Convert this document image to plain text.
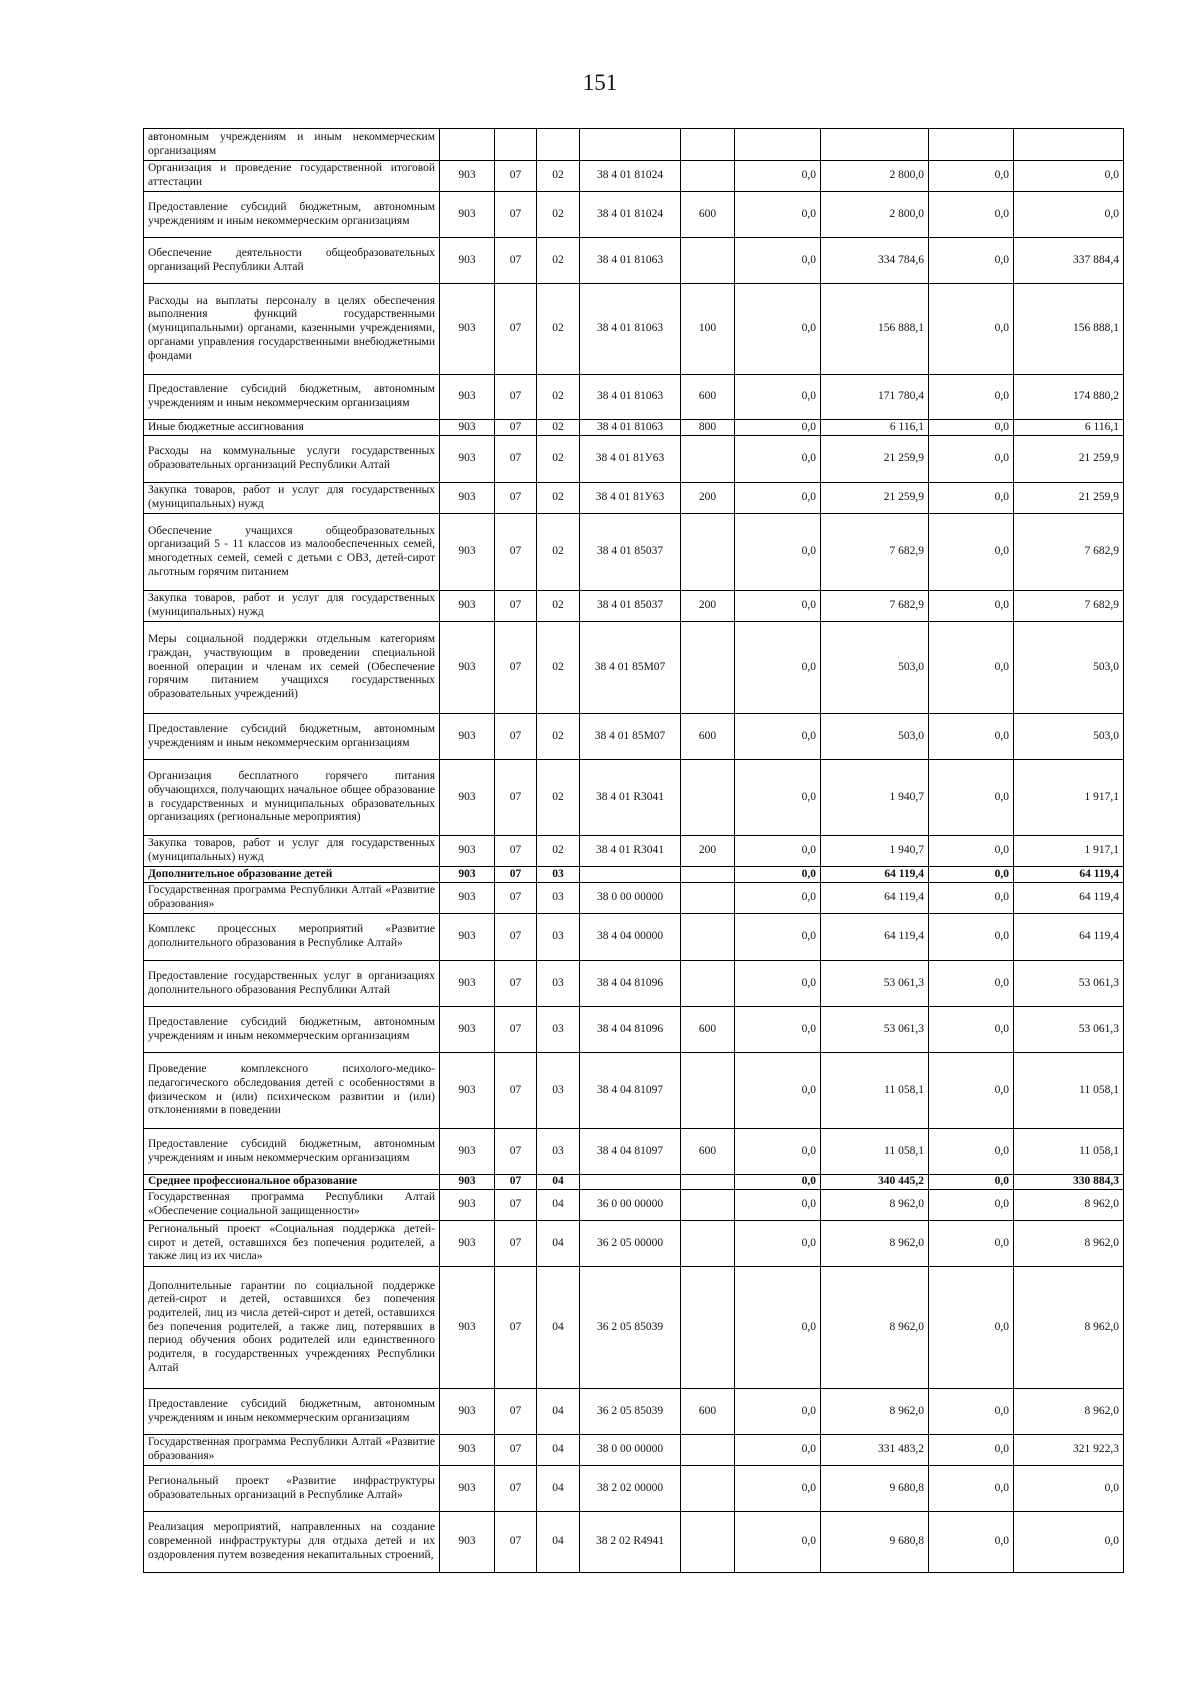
151
автономным учреждениям и иным некоммерческим организациям									
Организация и проведение государственной итоговой аттестации	903	07	02	38 4 01 81024		0,0	2 800,0	0,0	0,0
Предоставление субсидий бюджетным, автономным учреждениям и иным некоммерческим организациям	903	07	02	38 4 01 81024	600	0,0	2 800,0	0,0	0,0
Обеспечение деятельности общеобразовательных организаций Республики Алтай	903	07	02	38 4 01 81063		0,0	334 784,6	0,0	337 884,4
Расходы на выплаты персоналу в целях обеспечения выполнения функций государственными (муниципальными) органами, казенными учреждениями, органами управления государственными внебюджетными фондами	903	07	02	38 4 01 81063	100	0,0	156 888,1	0,0	156 888,1
Предоставление субсидий бюджетным, автономным учреждениям и иным некоммерческим организациям	903	07	02	38 4 01 81063	600	0,0	171 780,4	0,0	174 880,2
Иные бюджетные ассигнования	903	07	02	38 4 01 81063	800	0,0	6 116,1	0,0	6 116,1
Расходы на коммунальные услуги государственных образовательных организаций Республики Алтай	903	07	02	38 4 01 81У63		0,0	21 259,9	0,0	21 259,9
Закупка товаров, работ и услуг для государственных (муниципальных) нужд	903	07	02	38 4 01 81У63	200	0,0	21 259,9	0,0	21 259,9
Обеспечение учащихся общеобразовательных организаций 5 - 11 классов из малообеспеченных семей, многодетных семей, семей с детьми с ОВЗ, детей-сирот льготным горячим питанием	903	07	02	38 4 01 85037		0,0	7 682,9	0,0	7 682,9
Закупка товаров, работ и услуг для государственных (муниципальных) нужд	903	07	02	38 4 01 85037	200	0,0	7 682,9	0,0	7 682,9
Меры социальной поддержки отдельным категориям граждан, участвующим в проведении специальной военной операции и членам их семей (Обеспечение горячим питанием учащихся государственных образовательных учреждений)	903	07	02	38 4 01 85М07		0,0	503,0	0,0	503,0
Предоставление субсидий бюджетным, автономным учреждениям и иным некоммерческим организациям	903	07	02	38 4 01 85М07	600	0,0	503,0	0,0	503,0
Организация бесплатного горячего питания обучающихся, получающих начальное общее образование в государственных и муниципальных образовательных организациях (региональные мероприятия)	903	07	02	38 4 01 R3041		0,0	1 940,7	0,0	1 917,1
Закупка товаров, работ и услуг для государственных (муниципальных) нужд	903	07	02	38 4 01 R3041	200	0,0	1 940,7	0,0	1 917,1
Дополнительное образование детей	903	07	03			0,0	64 119,4	0,0	64 119,4
Государственная программа Республики Алтай «Развитие образования»	903	07	03	38 0 00 00000		0,0	64 119,4	0,0	64 119,4
Комплекс процессных мероприятий «Развитие дополнительного образования в Республике Алтай»	903	07	03	38 4 04 00000		0,0	64 119,4	0,0	64 119,4
Предоставление государственных услуг в организациях дополнительного образования Республики Алтай	903	07	03	38 4 04 81096		0,0	53 061,3	0,0	53 061,3
Предоставление субсидий бюджетным, автономным учреждениям и иным некоммерческим организациям	903	07	03	38 4 04 81096	600	0,0	53 061,3	0,0	53 061,3
Проведение комплексного психолого-медико-педагогического обследования детей с особенностями в физическом и (или) психическом развитии и (или) отклонениями в поведении	903	07	03	38 4 04 81097		0,0	11 058,1	0,0	11 058,1
Предоставление субсидий бюджетным, автономным учреждениям и иным некоммерческим организациям	903	07	03	38 4 04 81097	600	0,0	11 058,1	0,0	11 058,1
Среднее профессиональное образование	903	07	04			0,0	340 445,2	0,0	330 884,3
Государственная программа Республики Алтай «Обеспечение социальной защищенности»	903	07	04	36 0 00 00000		0,0	8 962,0	0,0	8 962,0
Региональный проект «Социальная поддержка детей-сирот и детей, оставшихся без попечения родителей, а также лиц из их числа»	903	07	04	36 2 05 00000		0,0	8 962,0	0,0	8 962,0
Дополнительные гарантии по социальной поддержке детей-сирот и детей, оставшихся без попечения родителей, лиц из числа детей-сирот и детей, оставшихся без попечения родителей, а также лиц, потерявших в период обучения обоих родителей или единственного родителя, в государственных учреждениях Республики Алтай	903	07	04	36 2 05 85039		0,0	8 962,0	0,0	8 962,0
Предоставление субсидий бюджетным, автономным учреждениям и иным некоммерческим организациям	903	07	04	36 2 05 85039	600	0,0	8 962,0	0,0	8 962,0
Государственная программа Республики Алтай «Развитие образования»	903	07	04	38 0 00 00000		0,0	331 483,2	0,0	321 922,3
Региональный проект «Развитие инфраструктуры образовательных организаций в Республике Алтай»	903	07	04	38 2 02 00000		0,0	9 680,8	0,0	0,0
Реализация мероприятий, направленных на создание современной инфраструктуры для отдыха детей и их оздоровления путем возведения некапитальных строений,	903	07	04	38 2 02 R4941		0,0	9 680,8	0,0	0,0
